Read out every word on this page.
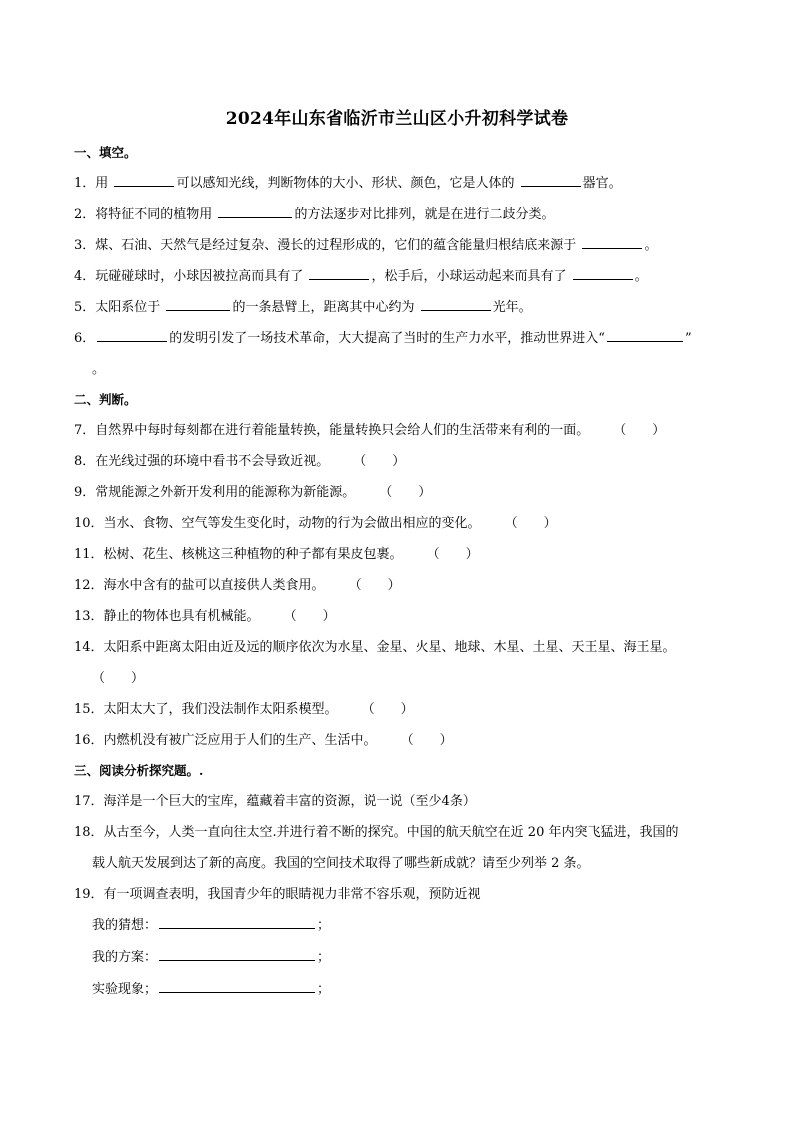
2024年山东省临沂市兰山区小升初科学试卷
一、填空。
1．用	可以感知光线，判断物体的大小、形状、颜色，它是人体的	器官。
2．将特征不同的植物用	的方法逐步对比排列，就是在进行二歧分类。
3．煤、石油、天然气是经过复杂、漫长的过程形成的，它们的蕴含能量归根结底来源于	。
4．玩碰碰球时，小球因被拉高而具有了	，松手后，小球运动起来而具有了	。
5．太阳系位于	的一条悬臂上，距离其中心约为	光年。
6．	的发明引发了一场技术革命，大大提高了当时的生产力水平，推动世界进入“	”
。
二、判断。
7．自然界中每时每刻都在进行着能量转换，能量转换只会给人们的生活带来有利的一面。 （　　）
8．在光线过强的环境中看书不会导致近视。 （　　）
9．常规能源之外新开发利用的能源称为新能源。 （　　）
10．当水、食物、空气等发生变化时，动物的行为会做出相应的变化。 （　　）
11．松树、花生、核桃这三种植物的种子都有果皮包裹。 （　　）
12．海水中含有的盐可以直接供人类食用。 （　　）
13．静止的物体也具有机械能。 （　　）
14．太阳系中距离太阳由近及远的顺序依次为水星、金星、火星、地球、木星、土星、天王星、海王星。
（　　）
15．太阳太大了，我们没法制作太阳系模型。 （　　）
16．内燃机没有被广泛应用于人们的生产、生活中。 （　　）
三、阅读分析探究题。.
17．海洋是一个巨大的宝库，蕴藏着丰富的资源，说一说（至少4条）
18．从古至今，人类一直向往太空.并进行着不断的探究。中国的航天航空在近 20 年内突飞猛进，我国的
载人航天发展到达了新的高度。我国的空间技术取得了哪些新成就？请至少列举 2 条。
19．有一项调查表明，我国青少年的眼睛视力非常不容乐观，预防近视
我的猜想：	；
我的方案：	；
实验现象；	；
